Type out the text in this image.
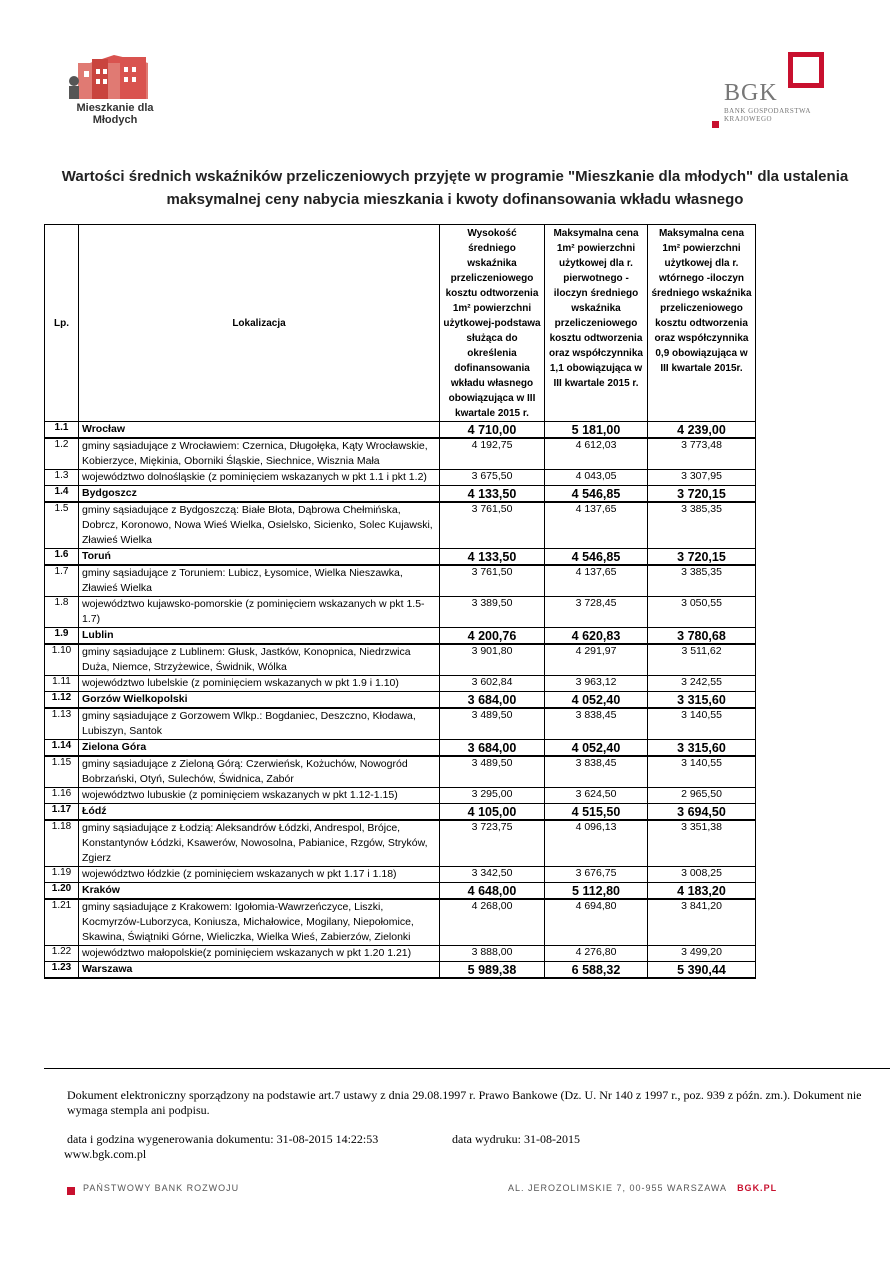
Mieszkanie dla Młodych
BGK
BANK GOSPODARSTWA KRAJOWEGO
Wartości średnich wskaźników przeliczeniowych przyjęte w programie "Mieszkanie dla młodych" dla ustalenia maksymalnej ceny nabycia mieszkania i kwoty dofinansowania wkładu własnego
Lp.	Lokalizacja	Wysokość średniego wskaźnika przeliczeniowego kosztu odtworzenia 1m² powierzchni użytkowej-podstawa służąca do określenia dofinansowania wkładu własnego obowiązująca w III kwartale 2015 r.	Maksymalna cena 1m² powierzchni użytkowej dla r. pierwotnego - iloczyn średniego wskaźnika przeliczeniowego kosztu odtworzenia oraz współczynnika 1,1 obowiązująca w III kwartale 2015 r.	Maksymalna cena 1m² powierzchni użytkowej dla r. wtórnego -iloczyn średniego wskaźnika przeliczeniowego kosztu odtworzenia oraz współczynnika 0,9 obowiązująca w III kwartale 2015r.
1.1	Wrocław	4 710,00	5 181,00	4 239,00
1.2	gminy sąsiadujące z Wrocławiem: Czernica, Długołęka, Kąty Wrocławskie, Kobierzyce, Miękinia, Oborniki Śląskie, Siechnice, Wisznia Mała	4 192,75	4 612,03	3 773,48
1.3	województwo dolnośląskie (z pominięciem wskazanych w pkt 1.1 i pkt 1.2)	3 675,50	4 043,05	3 307,95
1.4	Bydgoszcz	4 133,50	4 546,85	3 720,15
1.5	gminy sąsiadujące z Bydgoszczą: Białe Błota, Dąbrowa Chełmińska, Dobrcz, Koronowo, Nowa Wieś Wielka, Osielsko, Sicienko, Solec Kujawski, Zławieś Wielka	3 761,50	4 137,65	3 385,35
1.6	Toruń	4 133,50	4 546,85	3 720,15
1.7	gminy sąsiadujące z Toruniem: Lubicz, Łysomice, Wielka Nieszawka, Zławieś Wielka	3 761,50	4 137,65	3 385,35
1.8	województwo kujawsko-pomorskie (z pominięciem wskazanych w pkt 1.5-1.7)	3 389,50	3 728,45	3 050,55
1.9	Lublin	4 200,76	4 620,83	3 780,68
1.10	gminy sąsiadujące z Lublinem: Głusk, Jastków, Konopnica, Niedrzwica Duża, Niemce, Strzyżewice, Świdnik, Wólka	3 901,80	4 291,97	3 511,62
1.11	województwo lubelskie (z pominięciem wskazanych w pkt 1.9 i 1.10)	3 602,84	3 963,12	3 242,55
1.12	Gorzów Wielkopolski	3 684,00	4 052,40	3 315,60
1.13	gminy sąsiadujące z Gorzowem Wlkp.: Bogdaniec, Deszczno, Kłodawa, Lubiszyn, Santok	3 489,50	3 838,45	3 140,55
1.14	Zielona Góra	3 684,00	4 052,40	3 315,60
1.15	gminy sąsiadujące z Zieloną Górą: Czerwieńsk, Kożuchów, Nowogród Bobrzański, Otyń, Sulechów, Świdnica, Zabór	3 489,50	3 838,45	3 140,55
1.16	województwo lubuskie (z pominięciem wskazanych w pkt 1.12-1.15)	3 295,00	3 624,50	2 965,50
1.17	Łódź	4 105,00	4 515,50	3 694,50
1.18	gminy sąsiadujące z Łodzią: Aleksandrów Łódzki, Andrespol, Brójce, Konstantynów Łódzki, Ksawerów, Nowosolna, Pabianice, Rzgów, Stryków, Zgierz	3 723,75	4 096,13	3 351,38
1.19	województwo łódzkie (z pominięciem wskazanych w pkt 1.17 i 1.18)	3 342,50	3 676,75	3 008,25
1.20	Kraków	4 648,00	5 112,80	4 183,20
1.21	gminy sąsiadujące z Krakowem: Igołomia-Wawrzeńczyce, Liszki, Kocmyrzów-Luborzyca, Koniusza, Michałowice, Mogilany, Niepołomice, Skawina, Świątniki Górne, Wieliczka, Wielka Wieś, Zabierzów, Zielonki	4 268,00	4 694,80	3 841,20
1.22	województwo małopolskie(z pominięciem wskazanych w pkt 1.20 1.21)	3 888,00	4 276,80	3 499,20
1.23	Warszawa	5 989,38	6 588,32	5 390,44
Dokument elektroniczny sporządzony na podstawie art.7 ustawy z dnia 29.08.1997 r. Prawo Bankowe (Dz. U. Nr 140 z 1997 r., poz. 939 z późn. zm.). Dokument nie wymaga stempla ani podpisu.
data i godzina wygenerowania dokumentu: 31-08-2015 14:22:53	data wydruku: 31-08-2015
www.bgk.com.pl
PAŃSTWOWY BANK ROZWOJU	AL. JEROZOLIMSKIE 7, 00-955 WARSZAWA BGK.PL
